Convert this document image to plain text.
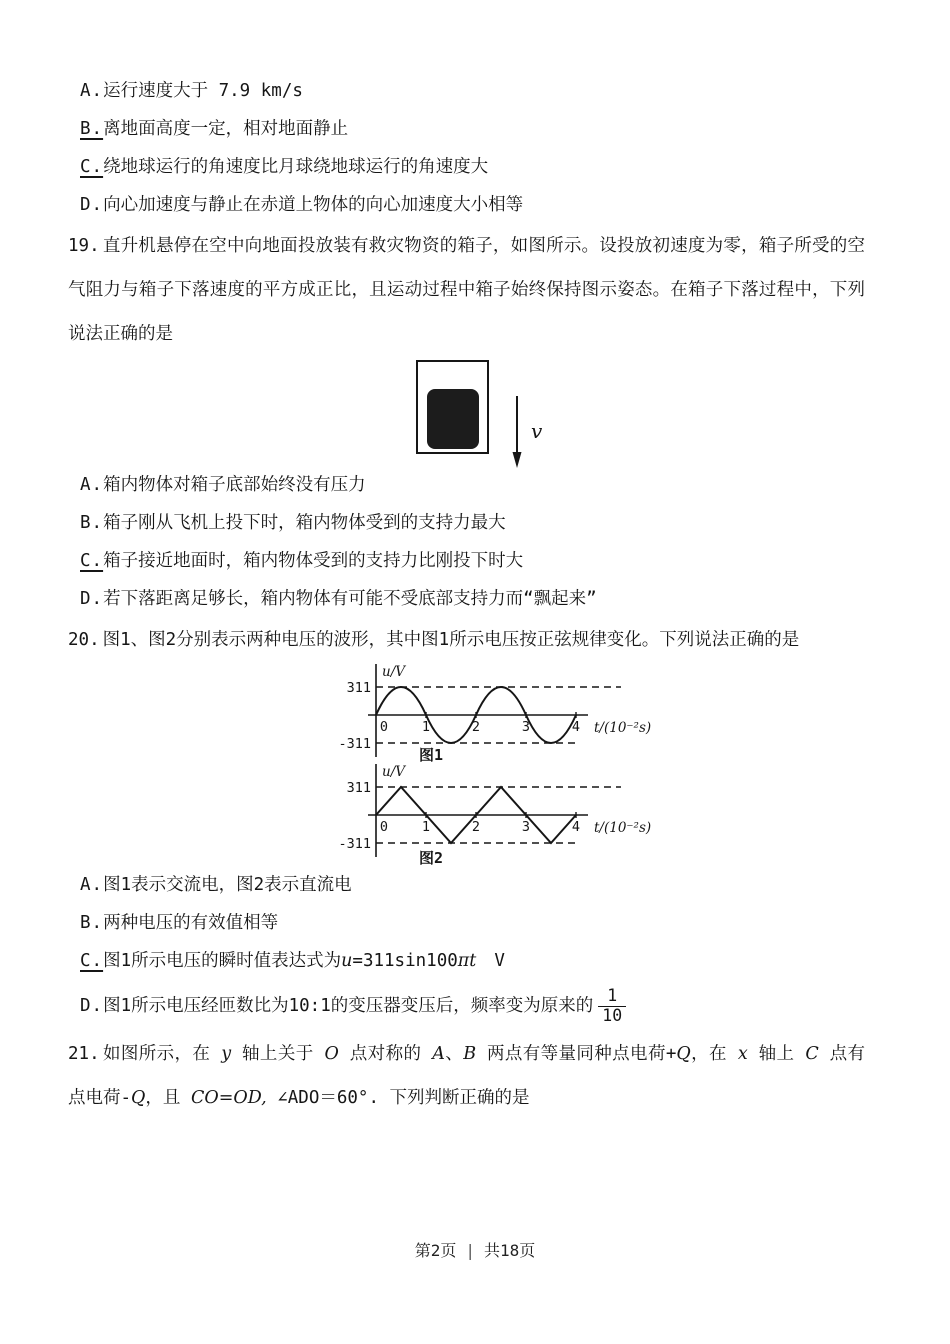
A.运行速度大于 7.9 km/s
B.离地面高度一定，相对地面静止
C.绕地球运行的角速度比月球绕地球运行的角速度大
D.向心加速度与静止在赤道上物体的向心加速度大小相等

19. 直升机悬停在空中向地面投放装有救灾物资的箱子，如图所示。设投放初速度为零，箱子所受的空气阻力与箱子下落速度的平方成正比，且运动过程中箱子始终保持图示姿态。在箱子下落过程中，下列说法正确的是

v
A.箱内物体对箱子底部始终没有压力
B.箱子刚从飞机上投下时，箱内物体受到的支持力最大
C.箱子接近地面时，箱内物体受到的支持力比刚投下时大
D.若下落距离足够长，箱内物体有可能不受底部支持力而“飘起来”

20. 图1、图2分别表示两种电压的波形，其中图1所示电压按正弦规律变化。下列说法正确的是

u/V
311
-311
0	1	2	3	4 t/(10⁻²s)
图1
u/V
311
-311
0	1	2	3	4 t/(10⁻²s)
图2
A.图1表示交流电，图2表示直流电
B.两种电压的有效值相等
C.图1所示电压的瞬时值表达式为u=311sin100πt V
D.图1所示电压经匝数比为10:1的变压器变压后，频率变为原来的 $\frac{1}{10}$

21. 如图所示，在 y 轴上关于 O 点对称的 A、B 两点有等量同种点电荷+Q，在 x 轴上 C 点有点电荷-Q，且 CO=OD, ∠ADO＝60°. 下列判断正确的是

第2页 | 共18页
